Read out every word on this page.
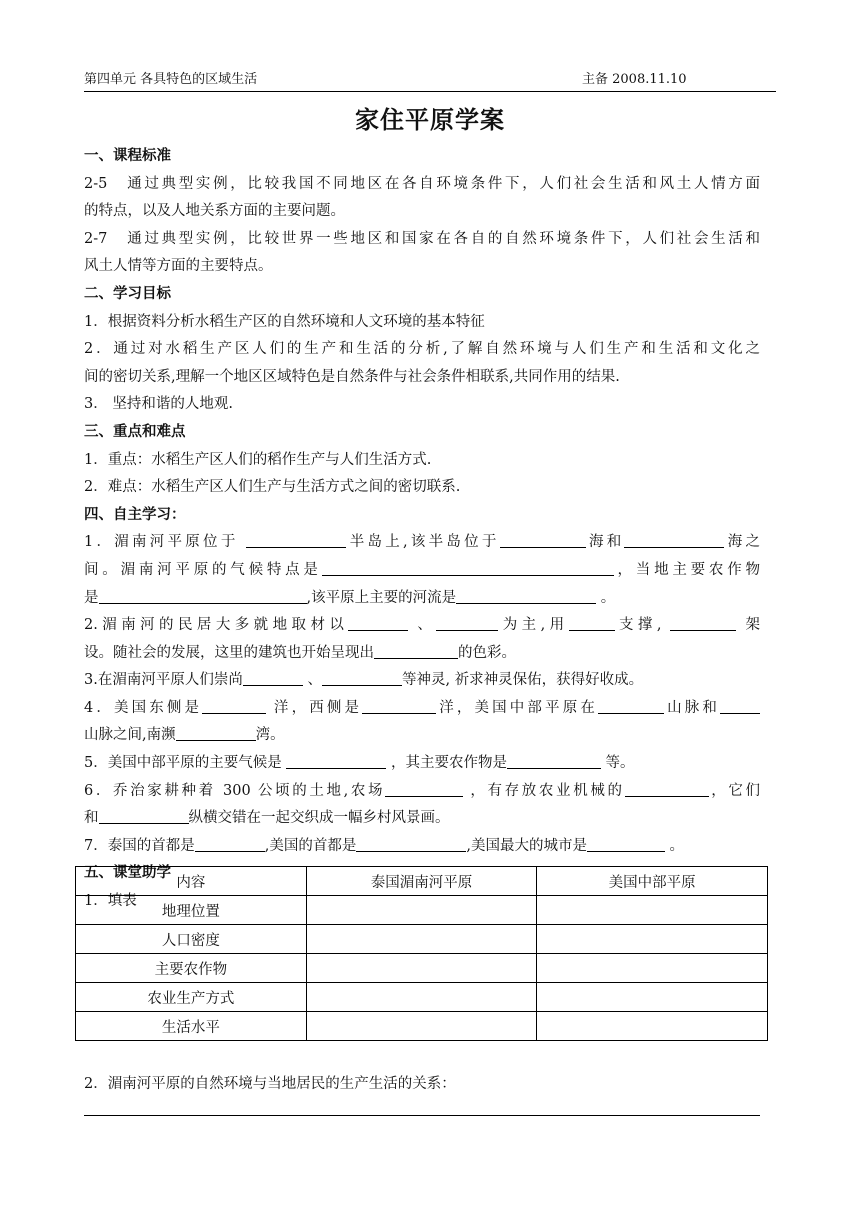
第四单元 各具特色的区域生活	主备 2008.11.10
家住平原学案

一、课程标准

2-5　通过典型实例，比较我国不同地区在各自环境条件下，人们社会生活和风土人情方面

的特点，以及人地关系方面的主要问题。

2-7　通过典型实例，比较世界一些地区和国家在各自的自然环境条件下，人们社会生活和

风土人情等方面的主要特点。

二、学习目标

1．根据资料分析水稻生产区的自然环境和人文环境的基本特征

2．通过对水稻生产区人们的生产和生活的分析,了解自然环境与人们生产和生活和文化之

间的密切关系,理解一个地区区域特色是自然条件与社会条件相联系,共同作用的结果.

3． 坚持和谐的人地观.

三、重点和难点

1．重点：水稻生产区人们的稻作生产与人们生活方式.

2．难点：水稻生产区人们生产与生活方式之间的密切联系.

四、自主学习：

1．湄南河平原位于	半岛上,该半岛位于	海和	海之

间。湄南河平原的气候特点是	，当地主要农作物

是	,该平原上主要的河流是	。

2.湄南河的民居大多就地取材以	、	为主,用	支撑,	架

设。随社会的发展，这里的建筑也开始呈现出	的色彩。

3.在湄南河平原人们崇尚	、	等神灵, 祈求神灵保佑，获得好收成。

4．美国东侧是	洋，西侧是	洋，美国中部平原在	山脉和

山脉之间,南濒	湾。

5．美国中部平原的主要气候是	，其主要农作物是	等。

6．乔治家耕种着 300 公顷的土地,农场	，有存放农业机械的	，它们

和	纵横交错在一起交织成一幅乡村风景画。

7．泰国的首都是	,美国的首都是	,美国最大的城市是	。

五、课堂助学

1．填表

内容	泰国湄南河平原	美国中部平原
地理位置		
人口密度		
主要农作物		
农业生产方式		
生活水平		

2．湄南河平原的自然环境与当地居民的生产生活的关系：
